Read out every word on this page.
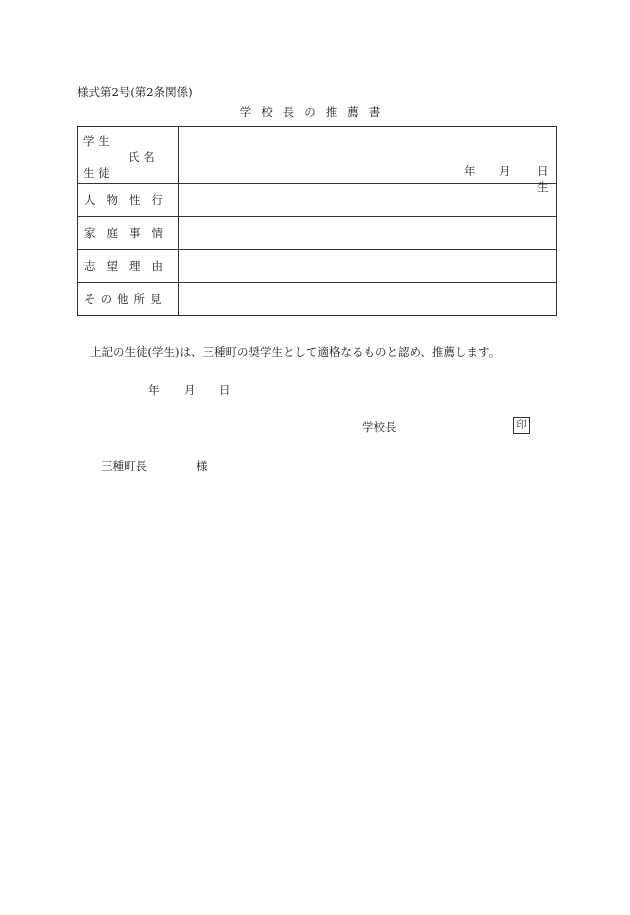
様式第2号(第2条関係)
学校長の推薦書
学 生
氏 名
生 徒	年 月 日生

人物性行	
家庭事情	
志望理由	
その他所見	
上記の生徒(学生)は、三種町の奨学生として適格なるものと認め、推薦します。
年 月 日
学校長	印
三種町長	様
